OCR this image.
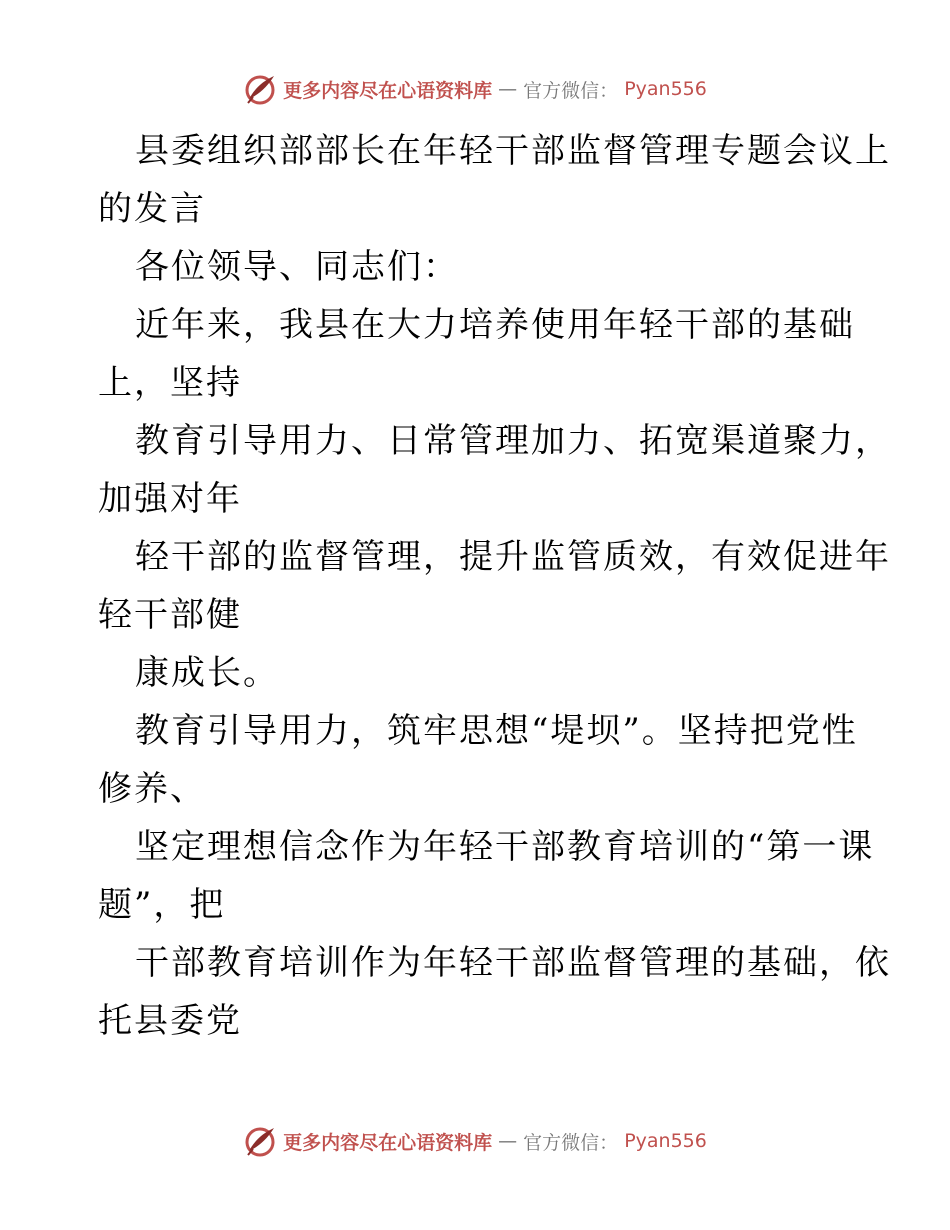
更多内容尽在心语资料库 — 官方微信： Pyan556
县委组织部部长在年轻干部监督管理专题会议上
的发言
各位领导、同志们：
近年来，我县在大力培养使用年轻干部的基础
上，坚持
教育引导用力、日常管理加力、拓宽渠道聚力，
加强对年
轻干部的监督管理，提升监管质效，有效促进年
轻干部健
康成长。
教育引导用力，筑牢思想“堤坝”。坚持把党性
修养、
坚定理想信念作为年轻干部教育培训的“第一课
题”，把
干部教育培训作为年轻干部监督管理的基础，依
托县委党
更多内容尽在心语资料库 — 官方微信： Pyan556
